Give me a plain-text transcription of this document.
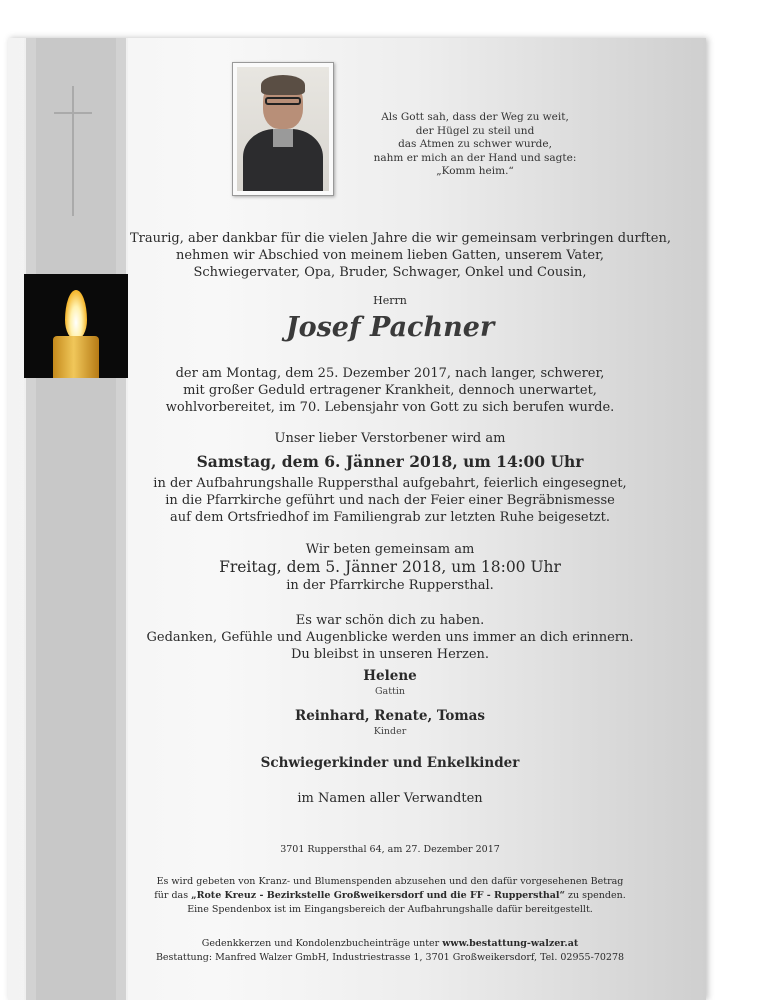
Als Gott sah, dass der Weg zu weit,
der Hügel zu steil und
das Atmen zu schwer wurde,
nahm er mich an der Hand und sagte:
„Komm heim.“
Traurig, aber dankbar für die vielen Jahre die wir gemeinsam verbringen durften,
nehmen wir Abschied von meinem lieben Gatten, unserem Vater,
Schwiegervater, Opa, Bruder, Schwager, Onkel und Cousin,
Herrn
Josef Pachner
der am Montag, dem 25. Dezember 2017, nach langer, schwerer,
mit großer Geduld ertragener Krankheit, dennoch unerwartet,
wohlvorbereitet, im 70. Lebensjahr von Gott zu sich berufen wurde.
Unser lieber Verstorbener wird am
Samstag, dem 6. Jänner 2018, um 14:00 Uhr
in der Aufbahrungshalle Ruppersthal aufgebahrt, feierlich eingesegnet,
in die Pfarrkirche geführt und nach der Feier einer Begräbnismesse
auf dem Ortsfriedhof im Familiengrab zur letzten Ruhe beigesetzt.
Wir beten gemeinsam am
Freitag, dem 5. Jänner 2018, um 18:00 Uhr
in der Pfarrkirche Ruppersthal.
Es war schön dich zu haben.
Gedanken, Gefühle und Augenblicke werden uns immer an dich erinnern.
Du bleibst in unseren Herzen.
Helene
Gattin
Reinhard, Renate, Tomas
Kinder
Schwiegerkinder und Enkelkinder
im Namen aller Verwandten
3701 Ruppersthal 64, am 27. Dezember 2017
Es wird gebeten von Kranz- und Blumenspenden abzusehen und den dafür vorgesehenen Betrag
für das „Rote Kreuz - Bezirkstelle Großweikersdorf und die FF - Ruppersthal“ zu spenden.
Eine Spendenbox ist im Eingangsbereich der Aufbahrungshalle dafür bereitgestellt.
Gedenkkerzen und Kondolenzbucheinträge unter www.bestattung-walzer.at
Bestattung: Manfred Walzer GmbH, Industriestrasse 1, 3701 Großweikersdorf, Tel. 02955-70278
